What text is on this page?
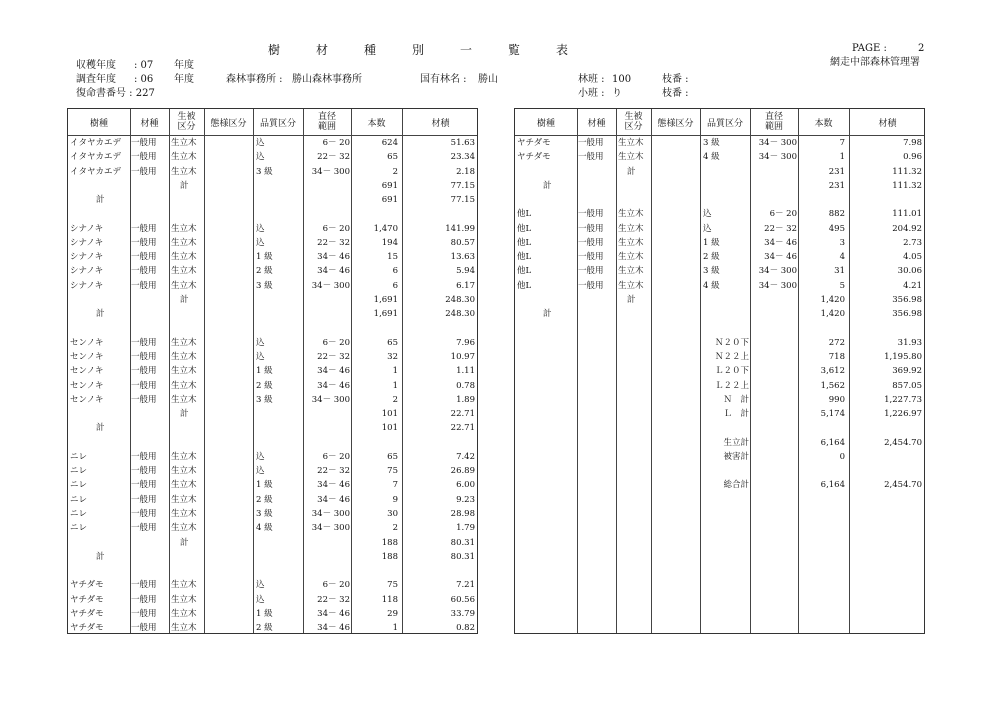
樹	材	種	別	一	覧	表	PAGE :	2
網走中部森林管理署
収穫年度 : 07 年度
調査年度 : 06 年度	森林事務所 : 勝山森林事務所	国有林名 : 勝山	林班 : 100	枝番 :
復命書番号 : 227	小班 : り	枝番 :
樹種	材種
生被
区分	態様区分	品質区分
直径
範囲	本数	材積
イタヤカエデ	一般用	生立木	込	6－ 20	624	51.63
イタヤカエデ	一般用	生立木	込	22－ 32	65	23.34
イタヤカエデ	一般用	生立木	3 級	34－ 300	2	2.18
計	691	77.15
計	691	77.15
シナノキ	一般用	生立木	込	6－ 20	1,470	141.99
シナノキ	一般用	生立木	込	22－ 32	194	80.57
シナノキ	一般用	生立木	1 級	34－ 46	15	13.63
シナノキ	一般用	生立木	2 級	34－ 46	6	5.94
シナノキ	一般用	生立木	3 級	34－ 300	6	6.17
計	1,691	248.30
計	1,691	248.30
センノキ	一般用	生立木	込	6－ 20	65	7.96
センノキ	一般用	生立木	込	22－ 32	32	10.97
センノキ	一般用	生立木	1 級	34－ 46	1	1.11
センノキ	一般用	生立木	2 級	34－ 46	1	0.78
センノキ	一般用	生立木	3 級	34－ 300	2	1.89
計	101	22.71
計	101	22.71
ニレ	一般用	生立木	込	6－ 20	65	7.42
ニレ	一般用	生立木	込	22－ 32	75	26.89
ニレ	一般用	生立木	1 級	34－ 46	7	6.00
ニレ	一般用	生立木	2 級	34－ 46	9	9.23
ニレ	一般用	生立木	3 級	34－ 300	30	28.98
ニレ	一般用	生立木	4 級	34－ 300	2	1.79
計	188	80.31
計	188	80.31
ヤチダモ	一般用	生立木	込	6－ 20	75	7.21
ヤチダモ	一般用	生立木	込	22－ 32	118	60.56
ヤチダモ	一般用	生立木	1 級	34－ 46	29	33.79
ヤチダモ	一般用	生立木	2 級	34－ 46	1	0.82
樹種	材種
生被
区分	態様区分	品質区分
直径
範囲	本数	材積
ヤチダモ	一般用	生立木	3 級	34－ 300	7	7.98
ヤチダモ	一般用	生立木	4 級	34－ 300	1	0.96
計	231	111.32
計	231	111.32
他L	一般用	生立木	込	6－ 20	882	111.01
他L	一般用	生立木	込	22－ 32	495	204.92
他L	一般用	生立木	1 級	34－ 46	3	2.73
他L	一般用	生立木	2 級	34－ 46	4	4.05
他L	一般用	生立木	3 級	34－ 300	31	30.06
他L	一般用	生立木	4 級	34－ 300	5	4.21
計	1,420	356.98
計	1,420	356.98
Ｎ２０下	272	31.93
Ｎ２２上	718	1,195.80
Ｌ２０下	3,612	369.92
Ｌ２２上	1,562	857.05
Ｎ　計	990	1,227.73
Ｌ　計	5,174	1,226.97
生立計	6,164	2,454.70
被害計	0
総合計	6,164	2,454.70
